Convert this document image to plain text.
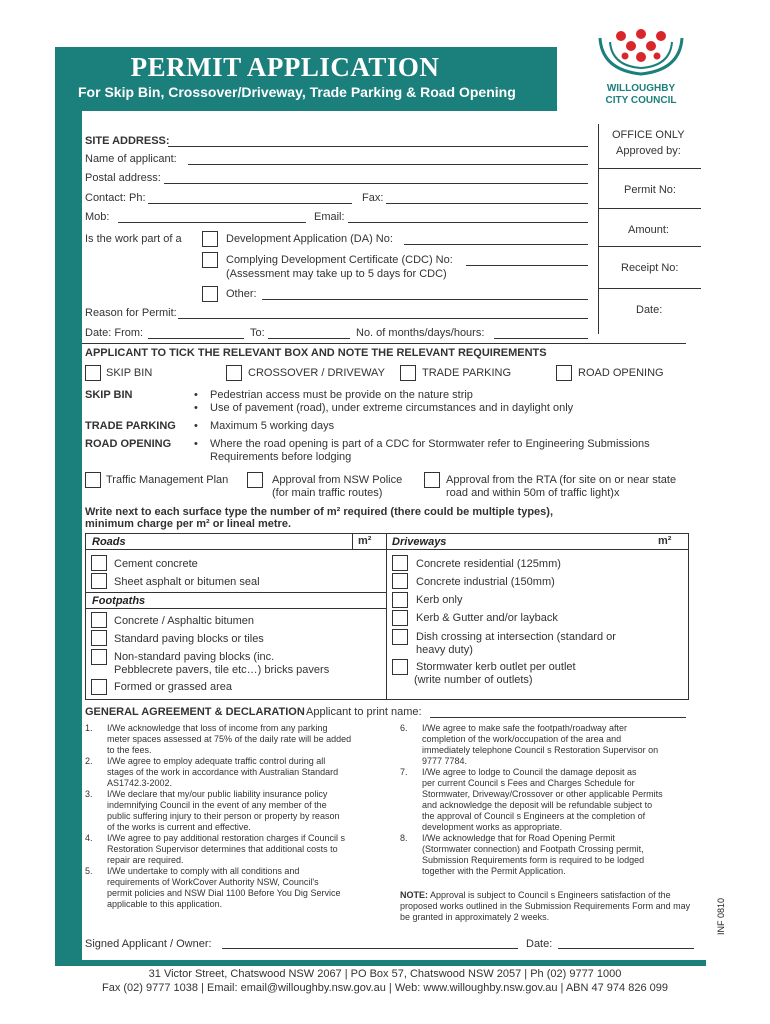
PERMIT APPLICATION
For Skip Bin, Crossover/Driveway, Trade Parking & Road Opening	WILLOUGHBY
CITY COUNCIL
OFFICE ONLY
Approved by:
Permit No:
Amount:
Receipt No:
Date:
SITE ADDRESS:
Name of applicant:
Postal address:
Contact: Ph:	Fax:
Mob:	Email:
Is the work part of a	Development Application (DA) No:
Complying Development Certificate (CDC) No:
(Assessment may take up to 5 days for CDC)
Other:
Reason for Permit:
Date: From:	To:	No. of months/days/hours:
APPLICANT TO TICK THE RELEVANT BOX AND NOTE THE RELEVANT REQUIREMENTS
SKIP BIN	CROSSOVER / DRIVEWAY	TRADE PARKING	ROAD OPENING
SKIP BIN	• Pedestrian access must be provide on the nature strip
• Use of pavement (road), under extreme circumstances and in daylight only
TRADE PARKING • Maximum 5 working days
ROAD OPENING • Where the road opening is part of a CDC for Stormwater refer to Engineering Submissions
Requirements before lodging
Traffic Management Plan	Approval from NSW Police
(for main traffic routes)
Approval from the RTA (for site on or near state
road and within 50m of traffic light)x
Write next to each surface type the number of m² required (there could be multiple types),
minimum charge per m² or lineal metre.
Roads	m² Driveways	m²
Cement concrete
Sheet asphalt or bitumen seal
Footpaths
Concrete / Asphaltic bitumen
Standard paving blocks or tiles
Non-standard paving blocks (inc.
Pebblecrete pavers, tile etc…) bricks pavers
Formed or grassed area
Concrete residential (125mm)
Concrete industrial (150mm)
Kerb only
Kerb & Gutter and/or layback
Dish crossing at intersection (standard or
heavy duty)
Stormwater kerb outlet per outlet
(write number of outlets)
GENERAL AGREEMENT & DECLARATION Applicant to print name:
1.	I/We acknowledge that loss of income from any parking
meter spaces assessed at 75% of the daily rate will be added
to the fees.
2.	I/We agree to employ adequate traffic control during all
stages of the work in accordance with Australian Standard
AS1742.3-2002.
3.	I/We declare that my/our public liability insurance policy
indemnifying Council in the event of any member of the
public suffering injury to their person or property by reason
of the works is current and effective.
4.	I/We agree to pay additional restoration charges if Council s
Restoration Supervisor determines that additional costs to
repair are required.
5.	I/We undertake to comply with all conditions and
requirements of WorkCover Authority NSW, Council's
permit policies and NSW Dial 1100 Before You Dig Service
applicable to this application.
6.	I/We agree to make safe the footpath/roadway after
completion of the work/occupation of the area and
immediately telephone Council s Restoration Supervisor on
9777 7784.
7.	I/We agree to lodge to Council the damage deposit as
per current Council s Fees and Charges Schedule for
Stormwater, Driveway/Crossover or other applicable Permits
and acknowledge the deposit will be refundable subject to
the approval of Council s Engineers at the completion of
development works as appropriate.
8.	I/We acknowledge that for Road Opening Permit
(Stormwater connection) and Footpath Crossing permit,
Submission Requirements form is required to be lodged
together with the Permit Application.
NOTE: Approval is subject to Council s Engineers satisfaction of the
proposed works outlined in the Submission Requirements Form and may
be granted in approximately 2 weeks.
Signed Applicant / Owner:	Date:
INF 0810
31 Victor Street, Chatswood NSW 2067 | PO Box 57, Chatswood NSW 2057 | Ph (02) 9777 1000
Fax (02) 9777 1038 | Email: email@willoughby.nsw.gov.au | Web: www.willoughby.nsw.gov.au | ABN 47 974 826 099
